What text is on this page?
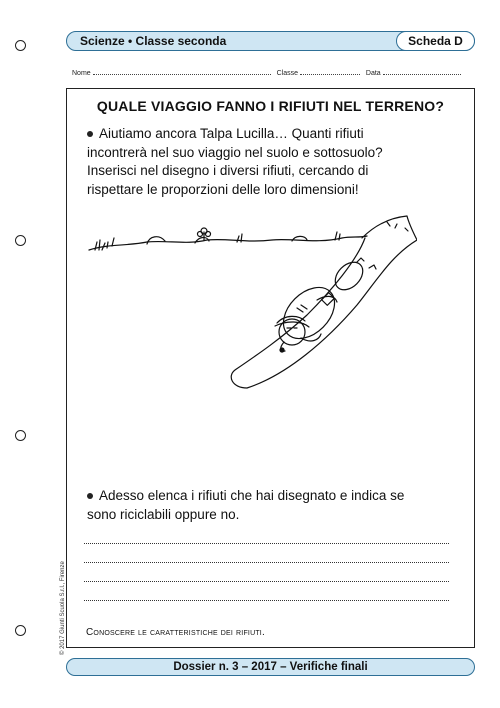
Scienze • Classe seconda	Scheda D
Nome	Classe	Data
QUALE VIAGGIO FANNO I RIFIUTI NEL TERRENO?
Aiutiamo ancora Talpa Lucilla… Quanti rifiuti
incontrerà nel suo viaggio nel suolo e sottosuolo?
Inserisci nel disegno i diversi rifiuti, cercando di
rispettare le proporzioni delle loro dimensioni!
Adesso elenca i rifiuti che hai disegnato e indica se
sono riciclabili oppure no.
Conoscere le caratteristiche dei rifiuti.
© 2017 Giunti Scuola S.r.l., Firenze
Dossier n. 3 – 2017 – Verifiche finali
